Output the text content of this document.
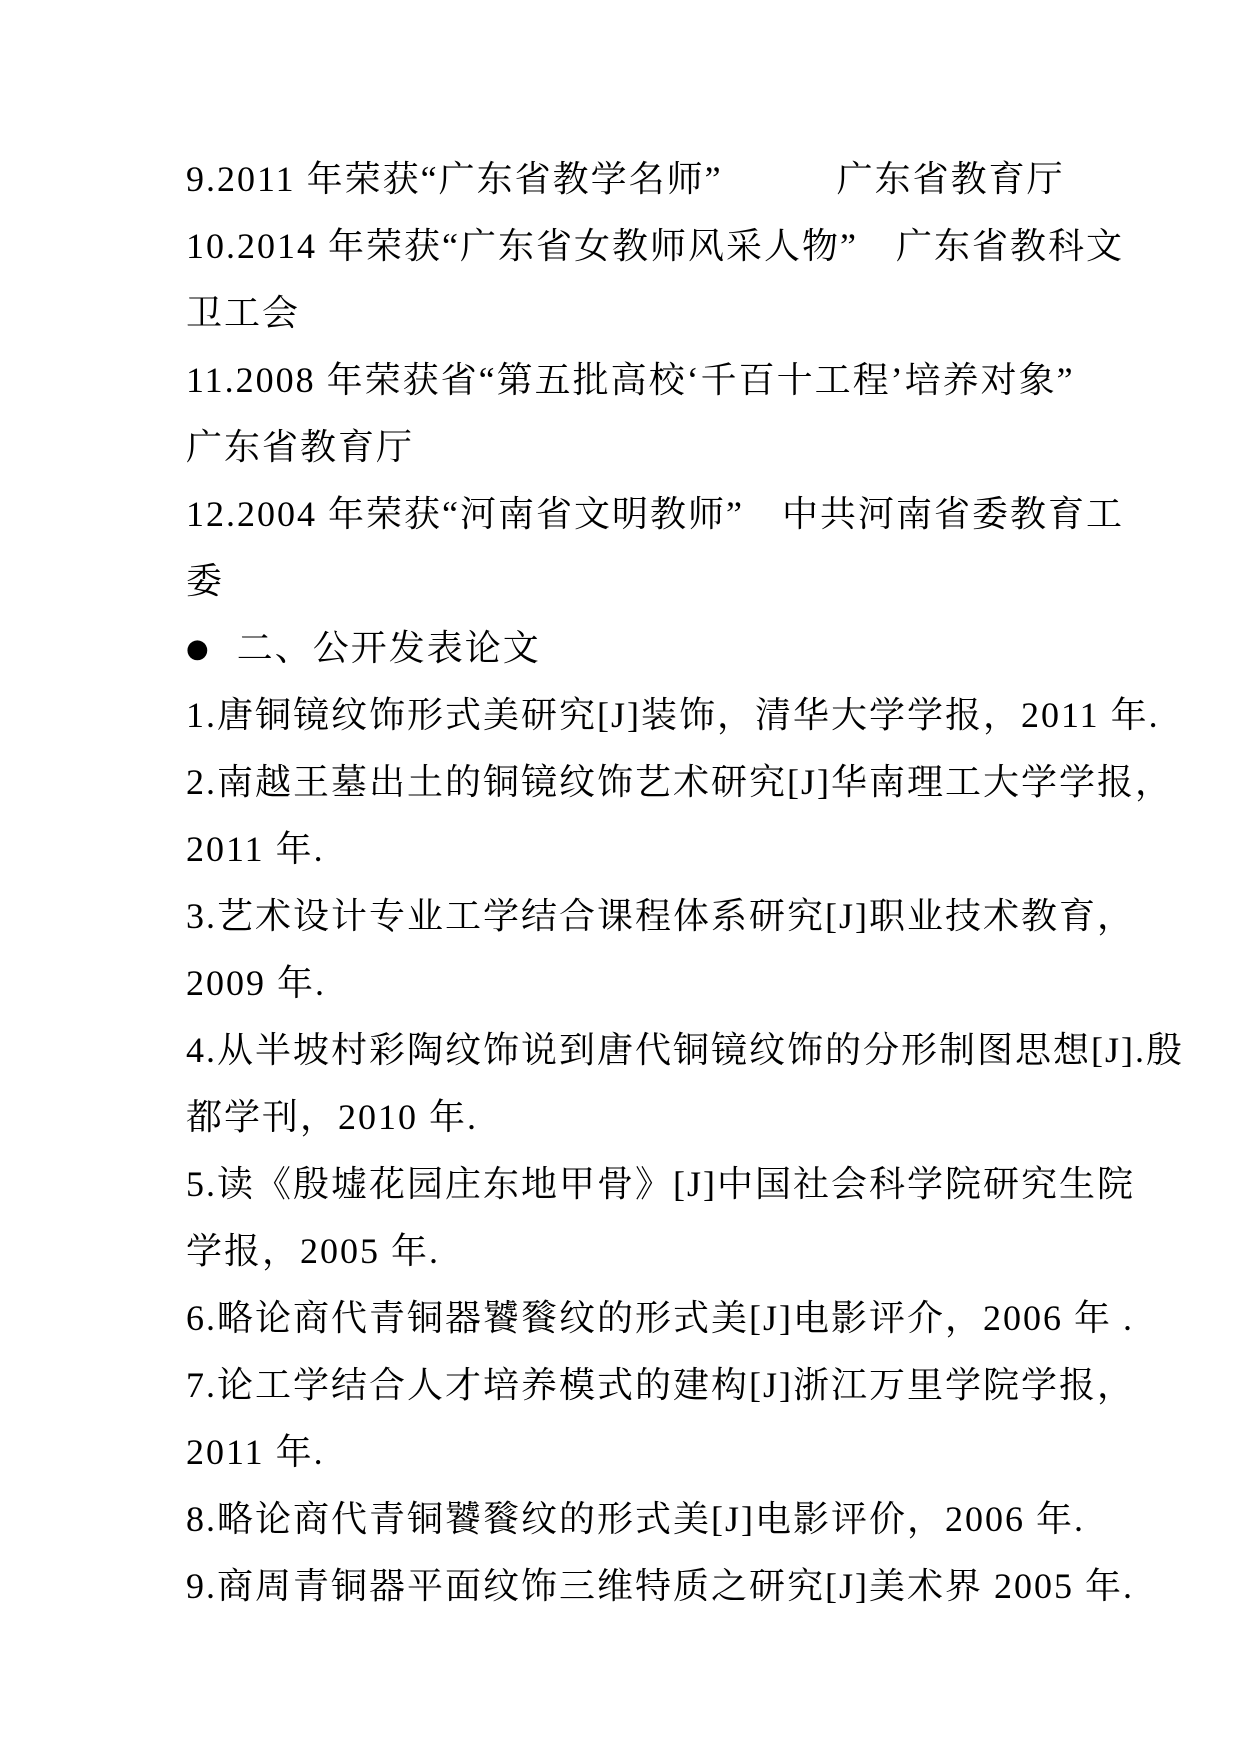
9.2011 年荣获“广东省教学名师”　　　广东省教育厅
10.2014 年荣获“广东省女教师风采人物”　广东省教科文
卫工会
11.2008 年荣获省“第五批高校‘千百十工程’培养对象”
广东省教育厅
12.2004 年荣获“河南省文明教师”　中共河南省委教育工
委
● 二、公开发表论文
1.唐铜镜纹饰形式美研究[J]装饰，清华大学学报，2011 年.
2.南越王墓出土的铜镜纹饰艺术研究[J]华南理工大学学报，
2011 年.
3.艺术设计专业工学结合课程体系研究[J]职业技术教育，
2009 年.
4.从半坡村彩陶纹饰说到唐代铜镜纹饰的分形制图思想[J].殷
都学刊，2010 年.
5.读《殷墟花园庄东地甲骨》[J]中国社会科学院研究生院
学报，2005 年.
6.略论商代青铜器饕餮纹的形式美[J]电影评介，2006 年 .
7.论工学结合人才培养模式的建构[J]浙江万里学院学报，
2011 年.
8.略论商代青铜饕餮纹的形式美[J]电影评价，2006 年.
9.商周青铜器平面纹饰三维特质之研究[J]美术界 2005 年.
